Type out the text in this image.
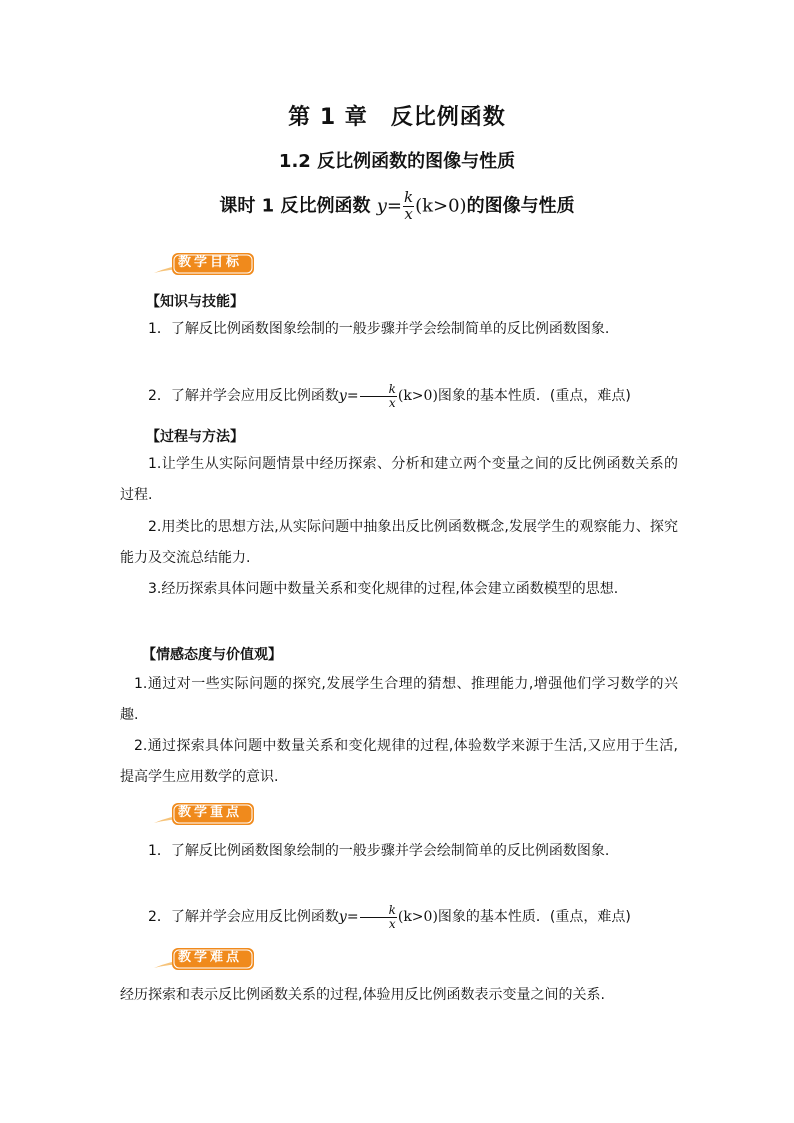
第 1 章　反比例函数
1.2 反比例函数的图像与性质
课时 1 反比例函数 $y= \frac{k}{x} (k>0)$的图像与性质
教学目标
【知识与技能】
1．了解反比例函数图象绘制的一般步骤并学会绘制简单的反比例函数图象.
2．了解并学会应用反比例函数$y= \frac{k}{x} (k>0)$图象的基本性质．(重点，难点)
【过程与方法】
1.让学生从实际问题情景中经历探索、分析和建立两个变量之间的反比例函数关系的过程.
2.用类比的思想方法,从实际问题中抽象出反比例函数概念,发展学生的观察能力、探究能力及交流总结能力.
3.经历探索具体问题中数量关系和变化规律的过程,体会建立函数模型的思想.
【情感态度与价值观】
1.通过对一些实际问题的探究,发展学生合理的猜想、推理能力,增强他们学习数学的兴趣.
2.通过探索具体问题中数量关系和变化规律的过程,体验数学来源于生活,又应用于生活,提高学生应用数学的意识.
教学重点
1．了解反比例函数图象绘制的一般步骤并学会绘制简单的反比例函数图象.
2．了解并学会应用反比例函数$y= \frac{k}{x} (k>0)$图象的基本性质．(重点，难点)
教学难点
经历探索和表示反比例函数关系的过程,体验用反比例函数表示变量之间的关系.
